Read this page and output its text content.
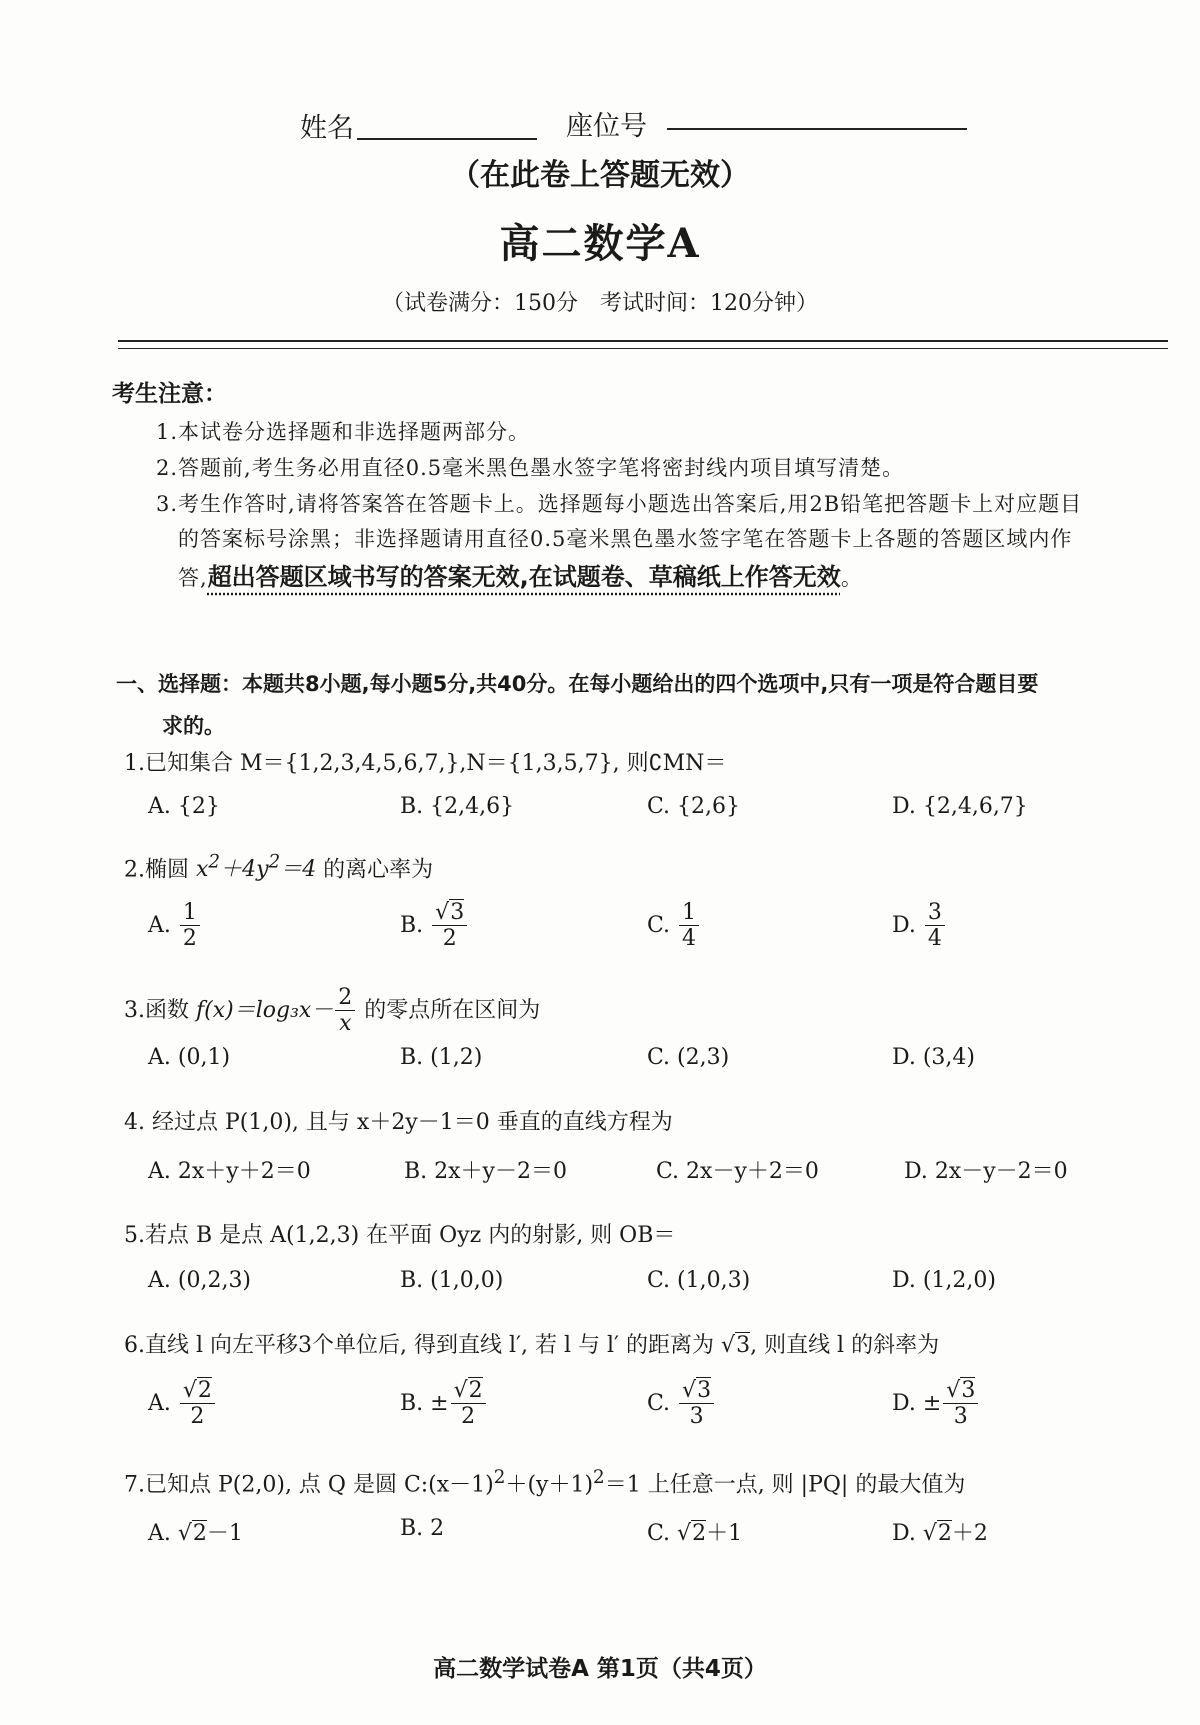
姓名	座位号
（在此卷上答题无效）
高二数学A
（试卷满分：150分　考试时间：120分钟）
考生注意：
1.本试卷分选择题和非选择题两部分。
2.答题前,考生务必用直径0.5毫米黑色墨水签字笔将密封线内项目填写清楚。
3.考生作答时,请将答案答在答题卡上。选择题每小题选出答案后,用2B铅笔把答题卡上对应题目
的答案标号涂黑；非选择题请用直径0.5毫米黑色墨水签字笔在答题卡上各题的答题区域内作
答,超出答题区域书写的答案无效,在试题卷、草稿纸上作答无效。
一、选择题：本题共8小题,每小题5分,共40分。在每小题给出的四个选项中,只有一项是符合题目要
求的。
1.已知集合 M＝{1,2,3,4,5,6,7,},N＝{1,3,5,7}, 则∁MN＝
A. {2}	B. {2,4,6}	C. {2,6}	D. {2,4,6,7}
2.椭圆 $x^2+4y^2=4$ 的离心率为
A. $\frac{1}{2}$	B. $\frac{√3}{2}$	C. $\frac{1}{4}$	D. $\frac{3}{4}$
3.函数 $f(x)=\log_3x- \frac{2}{x}$ 的零点所在区间为
A. (0,1)	B. (1,2)	C. (2,3)	D. (3,4)
4. 经过点 P(1,0), 且与 x＋2y－1＝0 垂直的直线方程为
A. 2x＋y＋2＝0	B. 2x＋y－2＝0	C. 2x－y＋2＝0	D. 2x－y－2＝0
5.若点 B 是点 A(1,2,3) 在平面 Oyz 内的射影, 则 OB＝
A. (0,2,3)	B. (1,0,0)	C. (1,0,3)	D. (1,2,0)
6.直线 l 向左平移3个单位后, 得到直线 l′, 若 l 与 l′ 的距离为 √3, 则直线 l 的斜率为
A. $\frac{√2}{2}$	B. ± $\frac{√2}{2}$	C. $\frac{√3}{3}$	D. ± $\frac{√3}{3}$
7.已知点 P(2,0), 点 Q 是圆 $C:(x-1)^2+(y+1)^2=1$ 上任意一点, 则 |PQ| 的最大值为
A. √2－1	B. 2	C. √2＋1	D. √2＋2
高二数学试卷A 第1页（共4页）
